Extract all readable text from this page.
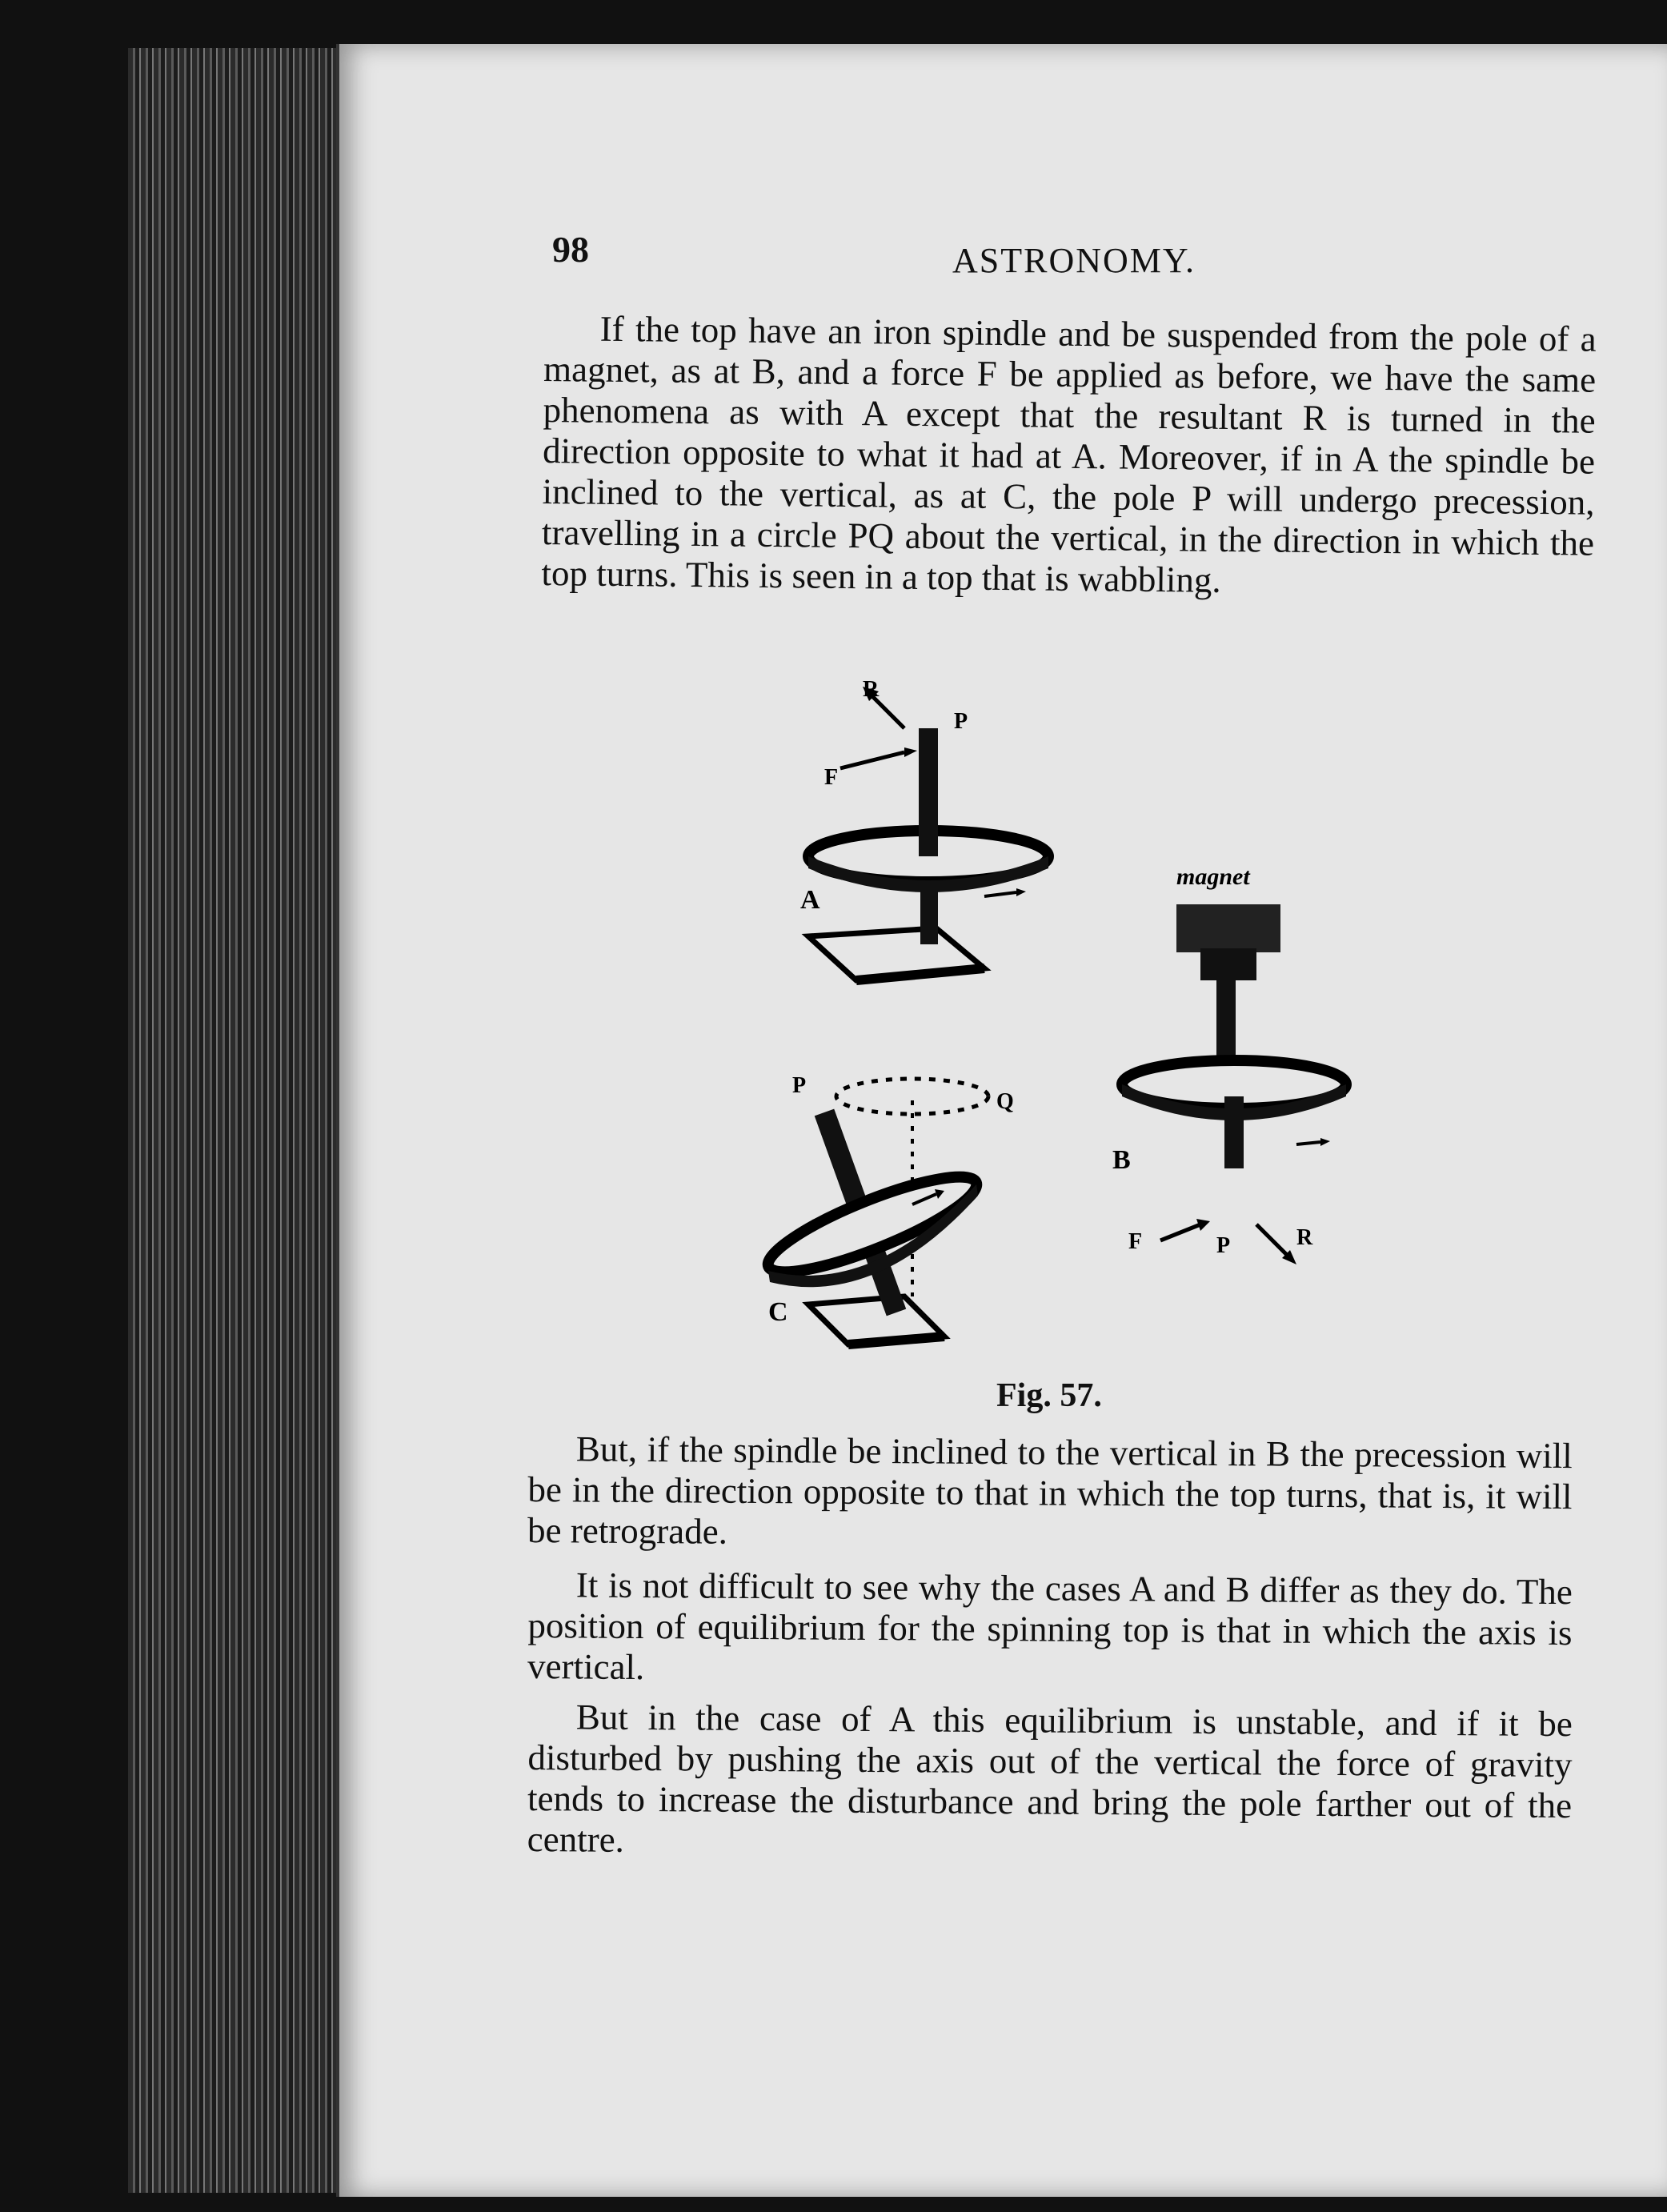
98	ASTRONOMY.
If the top have an iron spindle and be suspended from the pole of a magnet, as at B, and a force F be applied as before, we have the same phenomena as with A except that the resultant R is turned in the direction opposite to what it had at A. Moreover, if in A the spindle be inclined to the vertical, as at C, the pole P will undergo precession, travelling in a circle PQ about the vertical, in the direction in which the top turns. This is seen in a top that is wabbling.
R
P
F
A
magnet
B
F	P	R
P
Q
C
Fig. 57.
But, if the spindle be inclined to the vertical in B the precession will be in the direction opposite to that in which the top turns, that is, it will be retrograde.
It is not difficult to see why the cases A and B differ as they do. The position of equilibrium for the spinning top is that in which the axis is vertical.
But in the case of A this equilibrium is unstable, and if it be disturbed by pushing the axis out of the vertical the force of gravity tends to increase the disturbance and bring the pole farther out of the centre.
